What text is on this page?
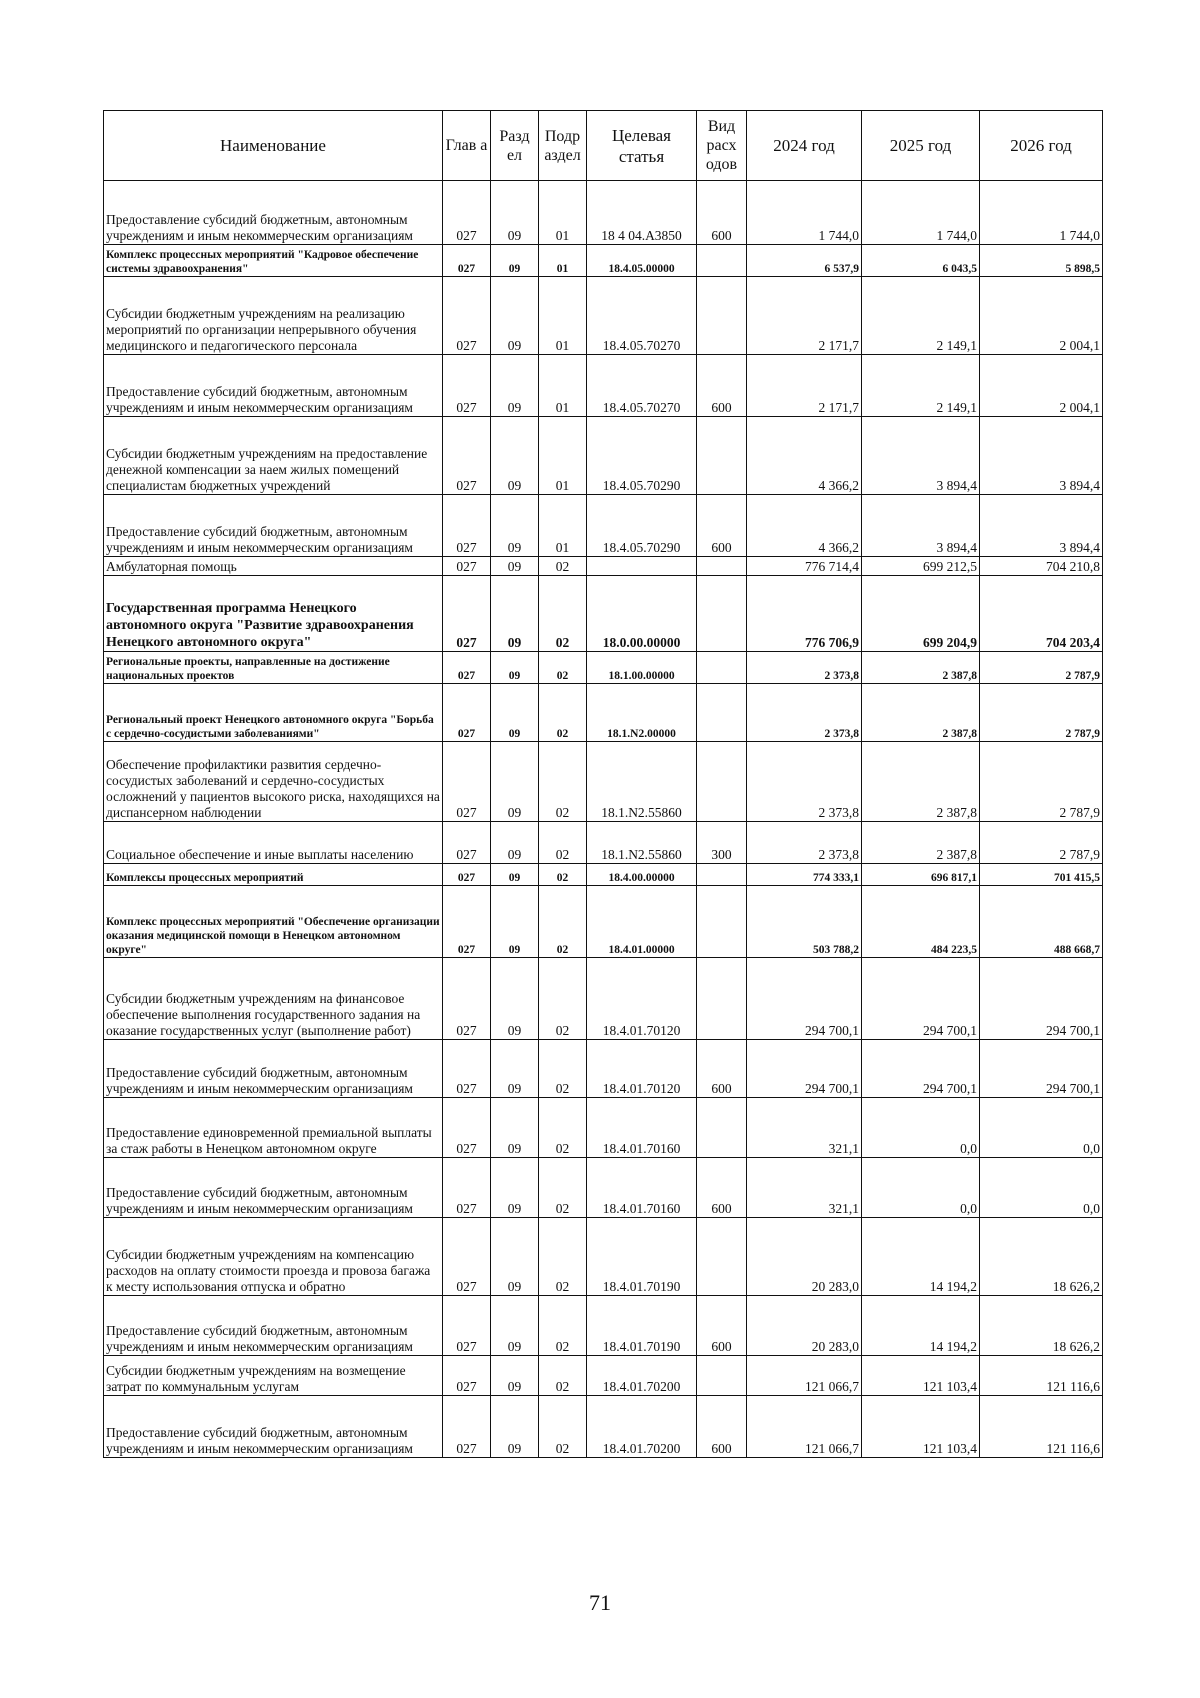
Наименование	Глав а	Разд ел	Подр аздел	Целевая статья	Вид расх одов	2024 год	2025 год	2026 год
Предоставление субсидий бюджетным, автономным учреждениям и иным некоммерческим организациям	027	09	01	18 4 04.А3850	600	1 744,0	1 744,0	1 744,0
Комплекс процессных мероприятий "Кадровое обеспечение системы здравоохранения"	027	09	01	18.4.05.00000		6 537,9	6 043,5	5 898,5
Субсидии бюджетным учреждениям на реализацию мероприятий по организации непрерывного обучения медицинского и педагогического персонала	027	09	01	18.4.05.70270		2 171,7	2 149,1	2 004,1
Предоставление субсидий бюджетным, автономным учреждениям и иным некоммерческим организациям	027	09	01	18.4.05.70270	600	2 171,7	2 149,1	2 004,1
Субсидии бюджетным учреждениям на предоставление денежной компенсации за наем жилых помещений специалистам бюджетных учреждений	027	09	01	18.4.05.70290		4 366,2	3 894,4	3 894,4
Предоставление субсидий бюджетным, автономным учреждениям и иным некоммерческим организациям	027	09	01	18.4.05.70290	600	4 366,2	3 894,4	3 894,4
Амбулаторная помощь	027	09	02			776 714,4	699 212,5	704 210,8
Государственная программа Ненецкого автономного округа "Развитие здравоохранения Ненецкого автономного округа"	027	09	02	18.0.00.00000		776 706,9	699 204,9	704 203,4
Региональные проекты, направленные на достижение национальных проектов	027	09	02	18.1.00.00000		2 373,8	2 387,8	2 787,9
Региональный проект Ненецкого автономного округа "Борьба с сердечно-сосудистыми заболеваниями"	027	09	02	18.1.N2.00000		2 373,8	2 387,8	2 787,9
Обеспечение профилактики развития сердечно-сосудистых заболеваний и сердечно-сосудистых осложнений у пациентов высокого риска, находящихся на диспансерном наблюдении	027	09	02	18.1.N2.55860		2 373,8	2 387,8	2 787,9
Социальное обеспечение и иные выплаты населению	027	09	02	18.1.N2.55860	300	2 373,8	2 387,8	2 787,9
Комплексы процессных мероприятий	027	09	02	18.4.00.00000		774 333,1	696 817,1	701 415,5
Комплекс процессных мероприятий "Обеспечение организации оказания медицинской помощи в Ненецком автономном округе"	027	09	02	18.4.01.00000		503 788,2	484 223,5	488 668,7
Субсидии бюджетным учреждениям на финансовое обеспечение выполнения государственного задания на оказание государственных услуг (выполнение работ)	027	09	02	18.4.01.70120		294 700,1	294 700,1	294 700,1
Предоставление субсидий бюджетным, автономным учреждениям и иным некоммерческим организациям	027	09	02	18.4.01.70120	600	294 700,1	294 700,1	294 700,1
Предоставление единовременной премиальной выплаты за стаж работы в Ненецком автономном округе	027	09	02	18.4.01.70160		321,1	0,0	0,0
Предоставление субсидий бюджетным, автономным учреждениям и иным некоммерческим организациям	027	09	02	18.4.01.70160	600	321,1	0,0	0,0
Субсидии бюджетным учреждениям на компенсацию расходов на оплату стоимости проезда и провоза багажа к месту использования отпуска и обратно	027	09	02	18.4.01.70190		20 283,0	14 194,2	18 626,2
Предоставление субсидий бюджетным, автономным учреждениям и иным некоммерческим организациям	027	09	02	18.4.01.70190	600	20 283,0	14 194,2	18 626,2
Субсидии бюджетным учреждениям на возмещение затрат по коммунальным услугам	027	09	02	18.4.01.70200		121 066,7	121 103,4	121 116,6
Предоставление субсидий бюджетным, автономным учреждениям и иным некоммерческим организациям	027	09	02	18.4.01.70200	600	121 066,7	121 103,4	121 116,6
71
